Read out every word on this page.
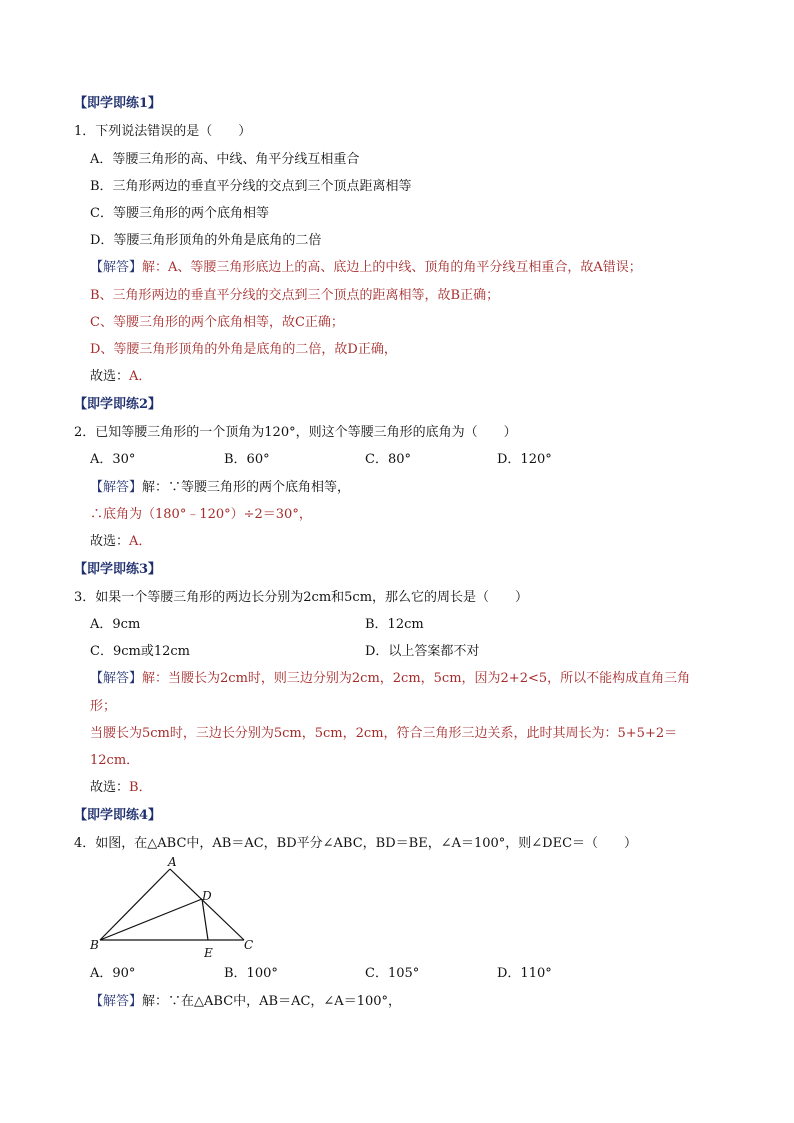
【即学即练1】
1．下列说法错误的是（　　）
A．等腰三角形的高、中线、角平分线互相重合
B．三角形两边的垂直平分线的交点到三个顶点距离相等
C．等腰三角形的两个底角相等
D．等腰三角形顶角的外角是底角的二倍
【解答】解：A、等腰三角形底边上的高、底边上的中线、顶角的角平分线互相重合，故A错误；
B、三角形两边的垂直平分线的交点到三个顶点的距离相等，故B正确；
C、等腰三角形的两个底角相等，故C正确；
D、等腰三角形顶角的外角是底角的二倍，故D正确，
故选：A．
【即学即练2】
2．已知等腰三角形的一个顶角为120°，则这个等腰三角形的底角为（　　）
A．30°	B．60°	C．80°	D．120°
【解答】解：∵等腰三角形的两个底角相等，
∴底角为（180°﹣120°）÷2＝30°，
故选：A．
【即学即练3】
3．如果一个等腰三角形的两边长分别为2cm和5cm，那么它的周长是（　　）
A．9cm	B．12cm
C．9cm或12cm	D．以上答案都不对
【解答】解：当腰长为2cm时，则三边分别为2cm，2cm，5cm，因为2+2<5，所以不能构成直角三角
形；
当腰长为5cm时，三边长分别为5cm，5cm，2cm，符合三角形三边关系，此时其周长为：5+5+2＝
12cm．
故选：B．
【即学即练4】
4．如图，在△ABC中，AB＝AC，BD平分∠ABC，BD＝BE，∠A＝100°，则∠DEC＝（　　）
A
D
B
E
C
A．90°	B．100°	C．105°	D．110°
【解答】解：∵在△ABC中，AB＝AC，∠A＝100°，
